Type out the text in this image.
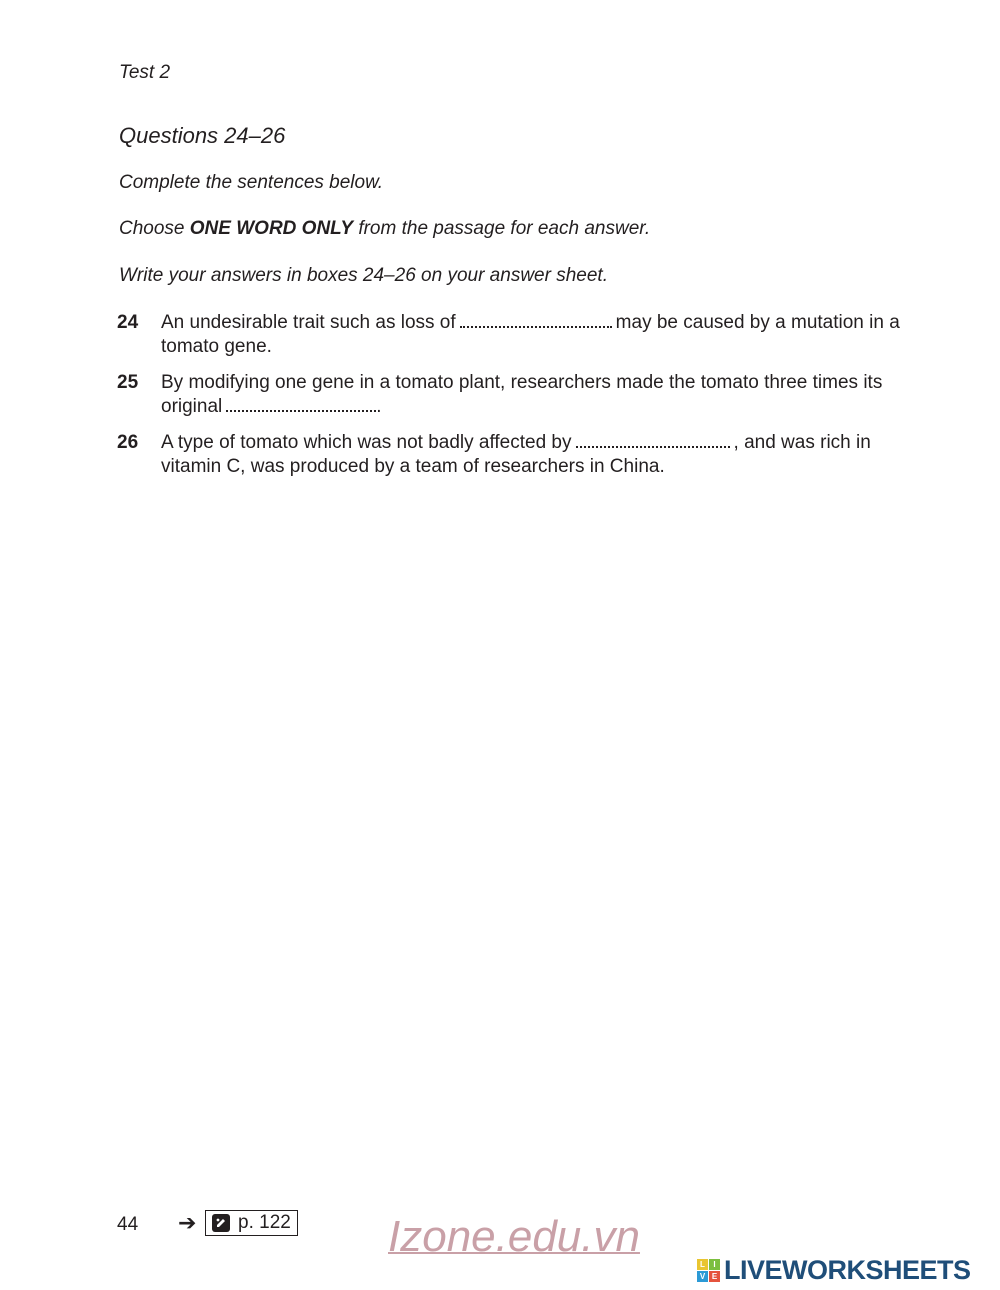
Test 2
Questions 24–26
Complete the sentences below.
Choose ONE WORD ONLY from the passage for each answer.
Write your answers in boxes 24–26 on your answer sheet.
24 An undesirable trait such as loss of	may be caused by a mutation in a tomato gene.
25 By modifying one gene in a tomato plant, researchers made the tomato three times its original	.
26 A type of tomato which was not badly affected by	, and was rich in vitamin C, was produced by a team of researchers in China.
44 ➔ p. 122 Izone.edu.vn
L	I
V E LIVEWORKSHEETS
